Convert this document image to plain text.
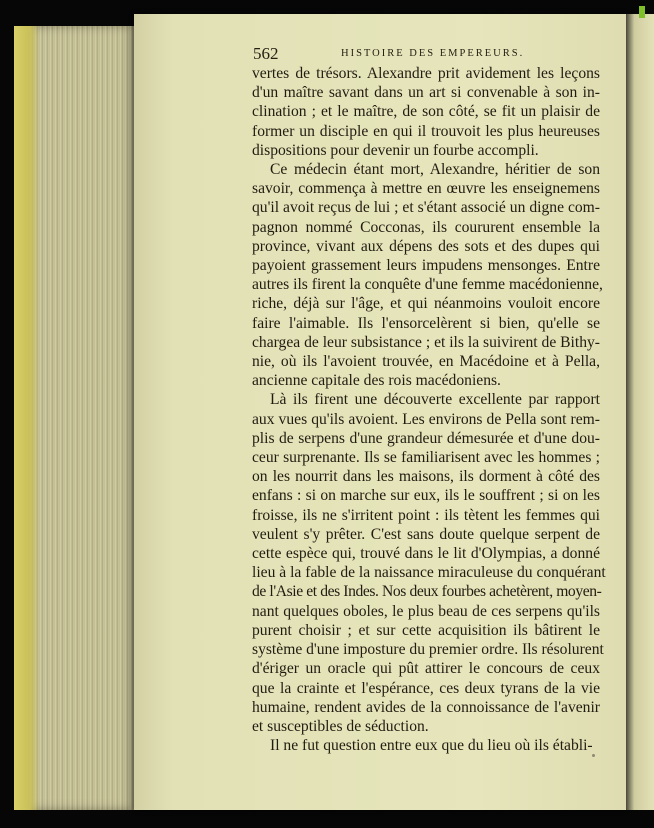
562	HISTOIRE DES EMPEREURS.
vertes de trésors. Alexandre prit avidement les leçons
d'un maître savant dans un art si convenable à son in-
clination ; et le maître, de son côté, se fit un plaisir de
former un disciple en qui il trouvoit les plus heureuses
dispositions pour devenir un fourbe accompli.
Ce médecin étant mort, Alexandre, héritier de son
savoir, commença à mettre en œuvre les enseignemens
qu'il avoit reçus de lui ; et s'étant associé un digne com-
pagnon nommé Cocconas, ils coururent ensemble la
province, vivant aux dépens des sots et des dupes qui
payoient grassement leurs impudens mensonges. Entre
autres ils firent la conquête d'une femme macédonienne,
riche, déjà sur l'âge, et qui néanmoins vouloit encore
faire l'aimable. Ils l'ensorcelèrent si bien, qu'elle se
chargea de leur subsistance ; et ils la suivirent de Bithy-
nie, où ils l'avoient trouvée, en Macédoine et à Pella,
ancienne capitale des rois macédoniens.
Là ils firent une découverte excellente par rapport
aux vues qu'ils avoient. Les environs de Pella sont rem-
plis de serpens d'une grandeur démesurée et d'une dou-
ceur surprenante. Ils se familiarisent avec les hommes ;
on les nourrit dans les maisons, ils dorment à côté des
enfans : si on marche sur eux, ils le souffrent ; si on les
froisse, ils ne s'irritent point : ils tètent les femmes qui
veulent s'y prêter. C'est sans doute quelque serpent de
cette espèce qui, trouvé dans le lit d'Olympias, a donné
lieu à la fable de la naissance miraculeuse du conquérant
de l'Asie et des Indes. Nos deux fourbes achetèrent, moyen-
nant quelques oboles, le plus beau de ces serpens qu'ils
purent choisir ; et sur cette acquisition ils bâtirent le
système d'une imposture du premier ordre. Ils résolurent
d'ériger un oracle qui pût attirer le concours de ceux
que la crainte et l'espérance, ces deux tyrans de la vie
humaine, rendent avides de la connoissance de l'avenir
et susceptibles de séduction.
Il ne fut question entre eux que du lieu où ils établi-
